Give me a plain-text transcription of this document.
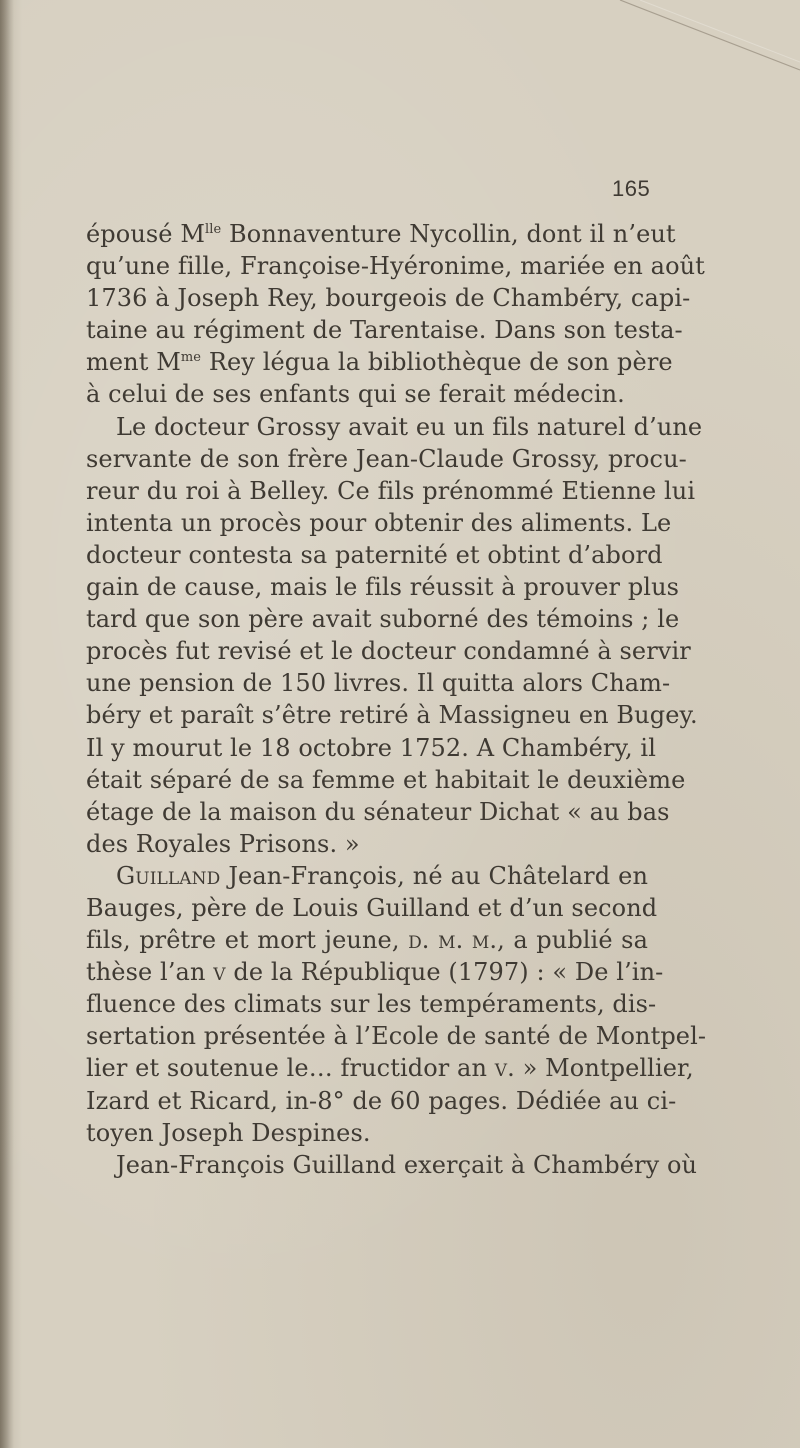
165
épousé $M^{lle}$ Bonnaventure Nycollin, dont il n’eut
qu’une fille, Françoise-Hyéronime, mariée en août
1736 à Joseph Rey, bourgeois de Chambéry, capi-
taine au régiment de Tarentaise. Dans son testa-
ment $M^{me}$ Rey légua la bibliothèque de son père
à celui de ses enfants qui se ferait médecin.
Le docteur Grossy avait eu un fils naturel d’une
servante de son frère Jean-Claude Grossy, procu-
reur du roi à Belley. Ce fils prénommé Etienne lui
intenta un procès pour obtenir des aliments. Le
docteur contesta sa paternité et obtint d’abord
gain de cause, mais le fils réussit à prouver plus
tard que son père avait suborné des témoins ; le
procès fut revisé et le docteur condamné à servir
une pension de 150 livres. Il quitta alors Cham-
béry et paraît s’être retiré à Massigneu en Bugey.
Il y mourut le 18 octobre 1752. A Chambéry, il
était séparé de sa femme et habitait le deuxième
étage de la maison du sénateur Dichat « au bas
des Royales Prisons. »
Guilland Jean-François, né au Châtelard en
Bauges, père de Louis Guilland et d’un second
fils, prêtre et mort jeune, d. m. m., a publié sa
thèse l’an v de la République (1797) : « De l’in-
fluence des climats sur les tempéraments, dis-
sertation présentée à l’Ecole de santé de Montpel-
lier et soutenue le… fructidor an v. » Montpellier,
Izard et Ricard, in-8° de 60 pages. Dédiée au ci-
toyen Joseph Despines.
Jean-François Guilland exerçait à Chambéry où
